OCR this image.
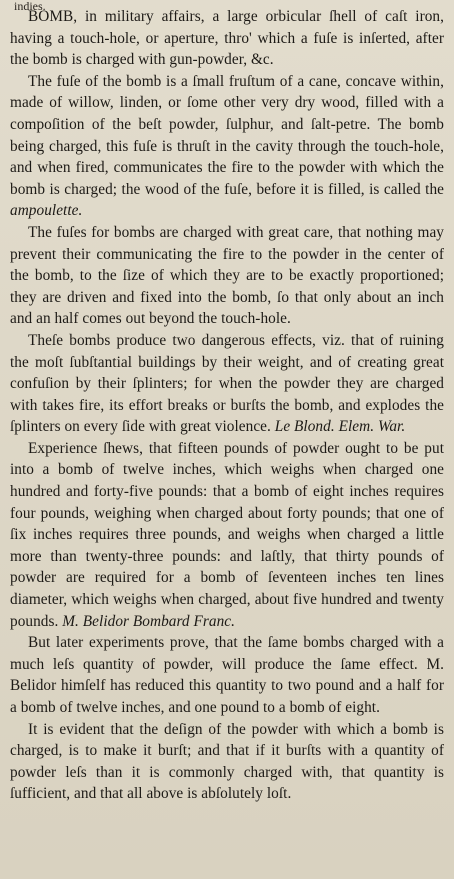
indies.

BOMB, in military affairs, a large orbicular ſhell of caſt iron, having a touch-hole, or aperture, thro' which a fuſe is inſerted, after the bomb is charged with gun-powder, &c.

The fuſe of the bomb is a ſmall fruſtum of a cane, concave within, made of willow, linden, or ſome other very dry wood, filled with a compoſition of the beſt powder, ſulphur, and ſalt-petre. The bomb being charged, this fuſe is thruſt in the cavity through the touch-hole, and when fired, communicates the fire to the powder with which the bomb is charged; the wood of the fuſe, before it is filled, is called the ampoulette.

The fuſes for bombs are charged with great care, that nothing may prevent their communicating the fire to the powder in the center of the bomb, to the ſize of which they are to be exactly proportioned; they are driven and fixed into the bomb, ſo that only about an inch and an half comes out beyond the touch-hole.

Theſe bombs produce two dangerous effects, viz. that of ruining the moſt ſubſtantial buildings by their weight, and of creating great confuſion by their ſplinters; for when the powder they are charged with takes fire, its effort breaks or burſts the bomb, and explodes the ſplinters on every ſide with great violence. Le Blond. Elem. War.

Experience ſhews, that fifteen pounds of powder ought to be put into a bomb of twelve inches, which weighs when charged one hundred and forty-five pounds: that a bomb of eight inches requires four pounds, weighing when charged about forty pounds; that one of ſix inches requires three pounds, and weighs when charged a little more than twenty-three pounds: and laſtly, that thirty pounds of powder are required for a bomb of ſeventeen inches ten lines diameter, which weighs when charged, about five hundred and twenty pounds. M. Belidor Bombard Franc.

But later experiments prove, that the ſame bombs charged with a much leſs quantity of powder, will produce the ſame effect. M. Belidor himſelf has reduced this quantity to two pound and a half for a bomb of twelve inches, and one pound to a bomb of eight.

It is evident that the deſign of the powder with which a bomb is charged, is to make it burſt; and that if it burſts with a quantity of powder leſs than it is commonly charged with, that quantity is ſufficient, and that all above is abſolutely loſt.
